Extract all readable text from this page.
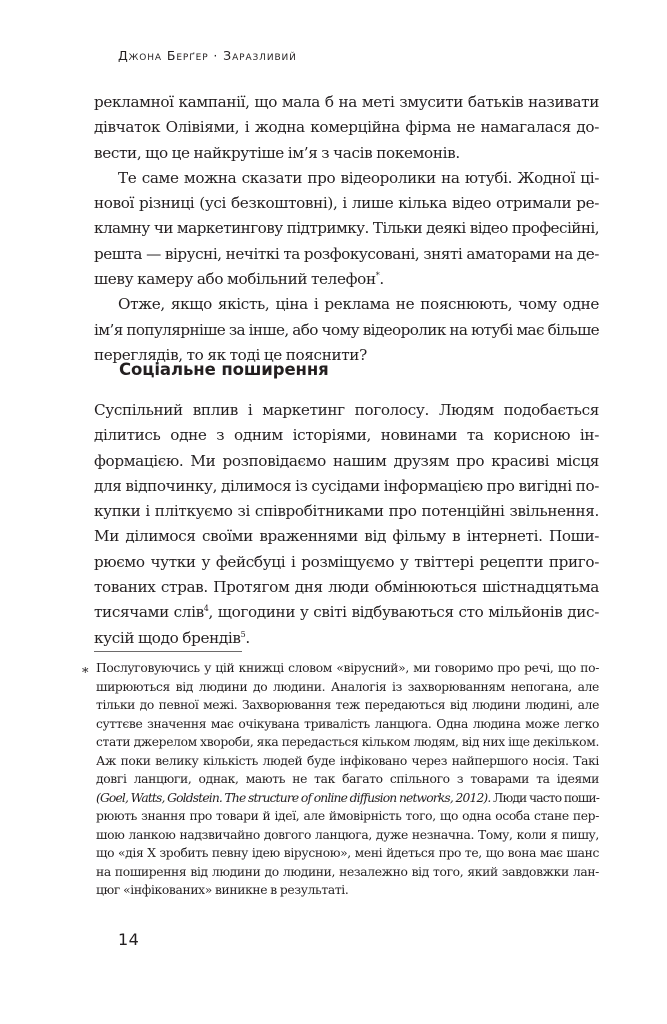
Джона Берґер · Заразливий
рекламної кампанії, що мала б на меті змусити батьків називати
дівчаток Олівіями, і жодна комерційна фірма не намагалася до-
вести, що це найкрутіше ім’я з часів покемонів.
Те саме можна сказати про відеоролики на ютубі. Жодної ці-
нової різниці (усі безкоштовні), і лише кілька відео отримали ре-
кламну чи маркетингову підтримку. Тільки деякі відео професійні,
решта — вірусні, нечіткі та розфокусовані, зняті аматорами на де-
шеву камеру або мобільний телефон*.
Отже, якщо якість, ціна і реклама не пояснюють, чому одне
ім’я популярніше за інше, або чому відеоролик на ютубі має більше
переглядів, то як тоді це пояснити?
Соціальне поширення
Суспільний вплив і маркетинг поголосу. Людям подобається
ділитись одне з одним історіями, новинами та корисною ін-
формацією. Ми розповідаємо нашим друзям про красиві місця
для відпочинку, ділимося із сусідами інформацією про вигідні по-
купки і пліткуємо зі співробітниками про потенційні звільнення.
Ми ділимося своїми враженнями від фільму в інтернеті. Поши-
рюємо чутки у фейсбуці і розміщуємо у твіттері рецепти приго-
тованих страв. Протягом дня люди обмінюються шістнадцятьма
тисячами слів$^4$, щогодини у світі відбуваються сто мільйонів дис-
кусій щодо брендів$^5$.
* Послуговуючись у цій книжці словом «вірусний», ми говоримо про речі, що по-
ширюються від людини до людини. Аналогія із захворюванням непогана, але
тільки до певної межі. Захворювання теж передаються від людини людині, але
суттєве значення має очікувана тривалість ланцюга. Одна людина може легко
стати джерелом хвороби, яка передасться кільком людям, від них іще декільком.
Аж поки велику кількість людей буде інфіковано через найпершого носія. Такі
довгі ланцюги, однак, мають не так багато спільного з товарами та ідеями
(Goel, Watts, Goldstein. The structure of online diffusion networks, 2012). Люди часто поши-
рюють знання про товари й ідеї, але ймовірність того, що одна особа стане пер-
шою ланкою надзвичайно довгого ланцюга, дуже незначна. Тому, коли я пишу,
що «дія Х зробить певну ідею вірусною», мені йдеться про те, що вона має шанс
на поширення від людини до людини, незалежно від того, який завдовжки лан-
цюг «інфікованих» виникне в результаті.
14
